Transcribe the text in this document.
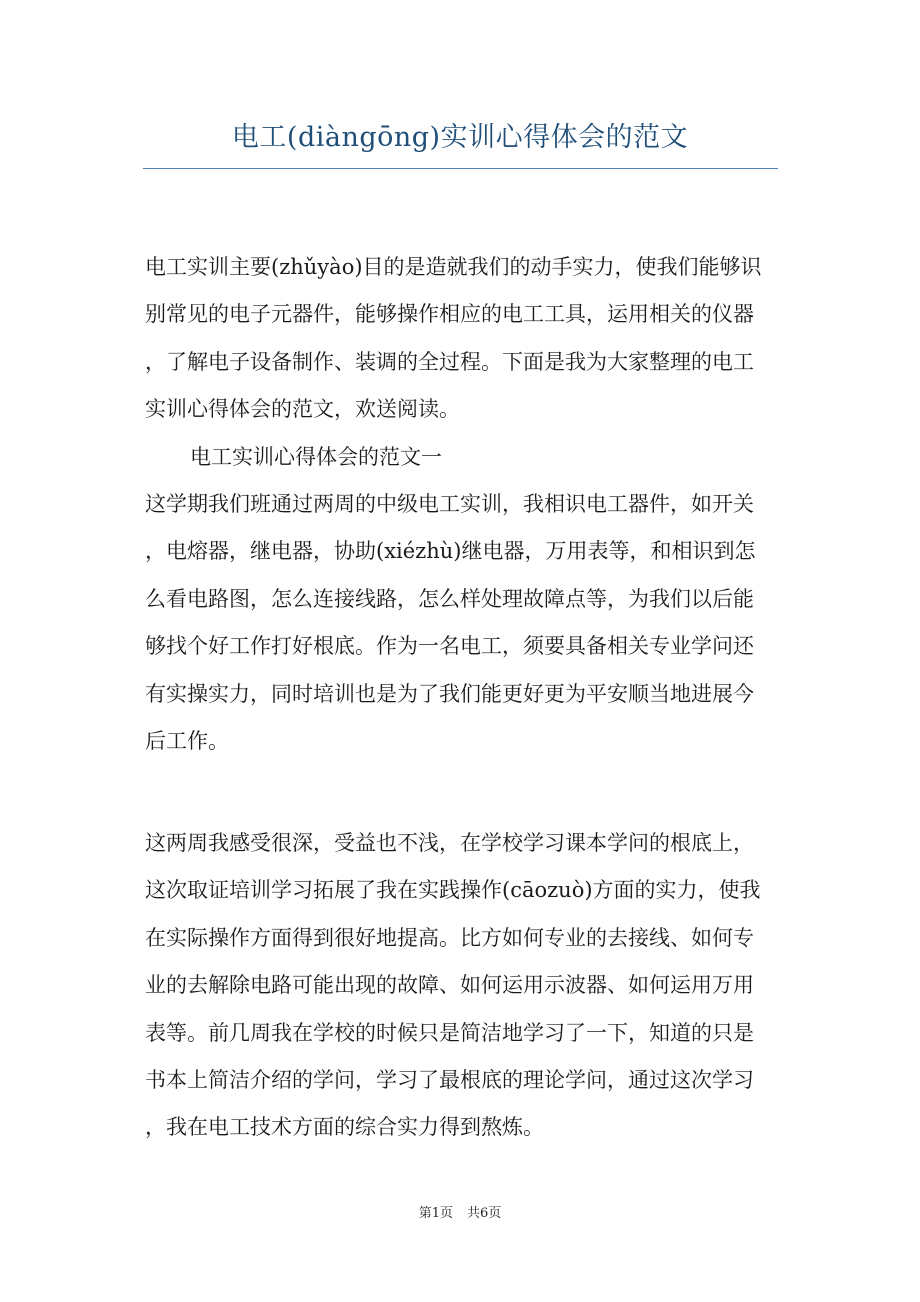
电工(diàngōng)实训心得体会的范文

电工实训主要(zhǔyào)目的是造就我们的动手实力，使我们能够识
别常见的电子元器件，能够操作相应的电工工具，运用相关的仪器
，了解电子设备制作、装调的全过程。下面是我为大家整理的电工
实训心得体会的范文，欢送阅读。

电工实训心得体会的范文一

这学期我们班通过两周的中级电工实训，我相识电工器件，如开关
，电熔器，继电器，协助(xiézhù)继电器，万用表等，和相识到怎
么看电路图，怎么连接线路，怎么样处理故障点等，为我们以后能
够找个好工作打好根底。作为一名电工，须要具备相关专业学问还
有实操实力，同时培训也是为了我们能更好更为平安顺当地进展今
后工作。

这两周我感受很深，受益也不浅，在学校学习课本学问的根底上，
这次取证培训学习拓展了我在实践操作(cāozuò)方面的实力，使我
在实际操作方面得到很好地提高。比方如何专业的去接线、如何专
业的去解除电路可能出现的故障、如何运用示波器、如何运用万用
表等。前几周我在学校的时候只是简洁地学习了一下，知道的只是
书本上简洁介绍的学问，学习了最根底的理论学问，通过这次学习
，我在电工技术方面的综合实力得到熬炼。

第1页 共6页
